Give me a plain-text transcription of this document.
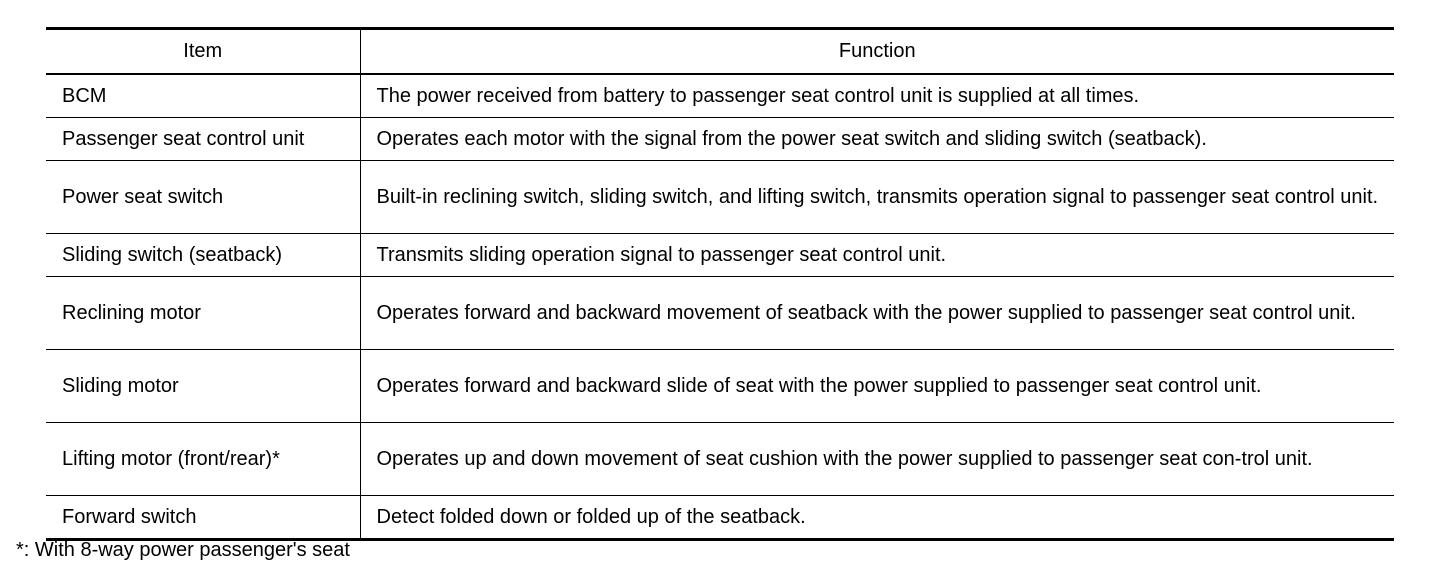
Item	Function
BCM	The power received from battery to passenger seat control unit is supplied at all times.
Passenger seat control unit	Operates each motor with the signal from the power seat switch and sliding switch (seatback).
Power seat switch	Built-in reclining switch, sliding switch, and lifting switch, transmits operation signal to passenger seat control unit.
Sliding switch (seatback)	Transmits sliding operation signal to passenger seat control unit.
Reclining motor	Operates forward and backward movement of seatback with the power supplied to passenger seat control unit.
Sliding motor	Operates forward and backward slide of seat with the power supplied to passenger seat control unit.
Lifting motor (front/rear)*	Operates up and down movement of seat cushion with the power supplied to passenger seat con-trol unit.
Forward switch	Detect folded down or folded up of the seatback.
*: With 8-way power passenger's seat
